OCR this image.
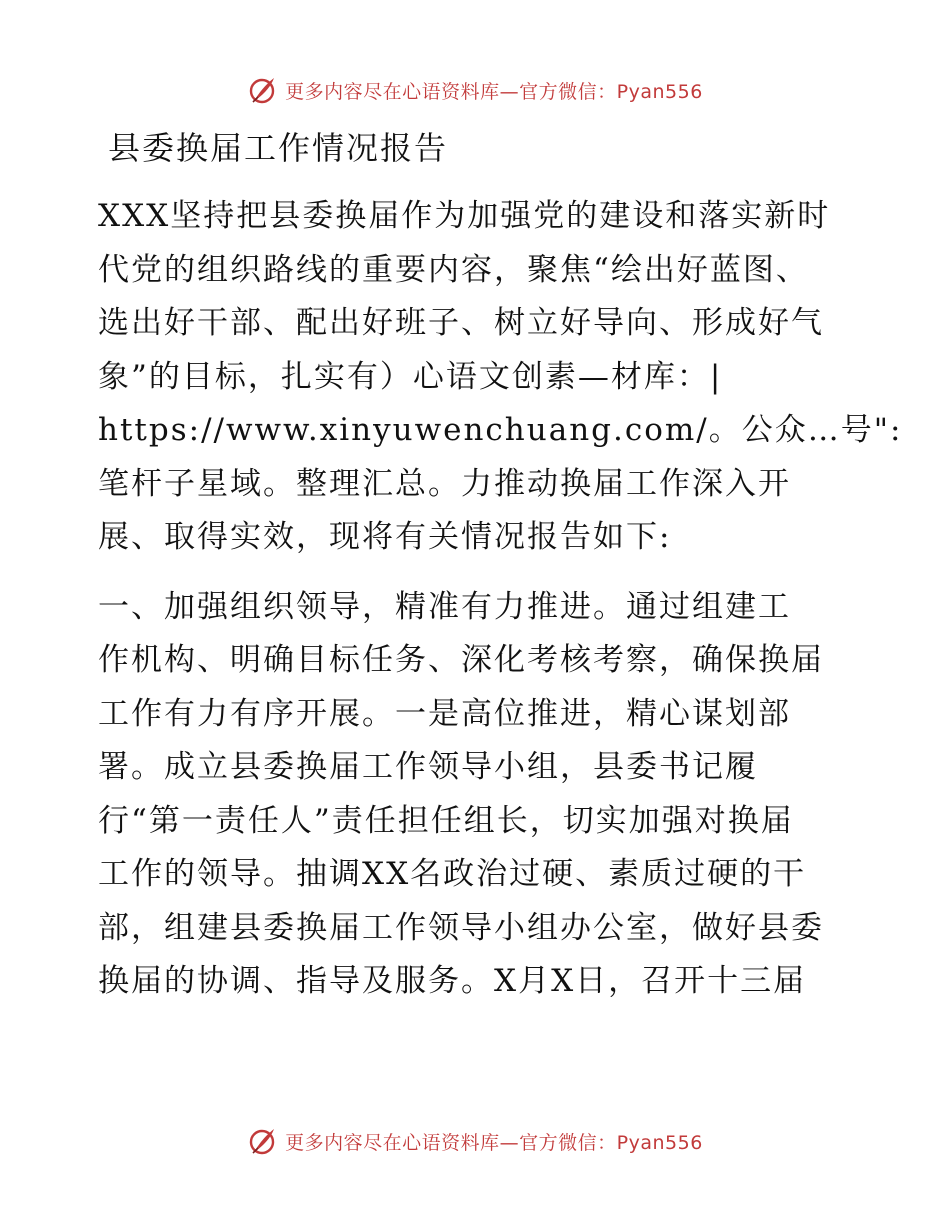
更多内容尽在心语资料库—官方微信：Pyan556
县委换届工作情况报告

XXX坚持把县委换届作为加强党的建设和落实新时
代党的组织路线的重要内容，聚焦“绘出好蓝图、
选出好干部、配出好班子、树立好导向、形成好气
象”的目标，扎实有）心语文创素—材库：|
https://www.xinyuwenchuang.com/。公众…号":
笔杆子星域。整理汇总。力推动换届工作深入开
展、取得实效，现将有关情况报告如下:

一、加强组织领导，精准有力推进。通过组建工
作机构、明确目标任务、深化考核考察，确保换届
工作有力有序开展。一是高位推进，精心谋划部
署。成立县委换届工作领导小组，县委书记履
行“第一责任人”责任担任组长，切实加强对换届
工作的领导。抽调XX名政治过硬、素质过硬的干
部，组建县委换届工作领导小组办公室，做好县委
换届的协调、指导及服务。X月X日，召开十三届

更多内容尽在心语资料库—官方微信：Pyan556
